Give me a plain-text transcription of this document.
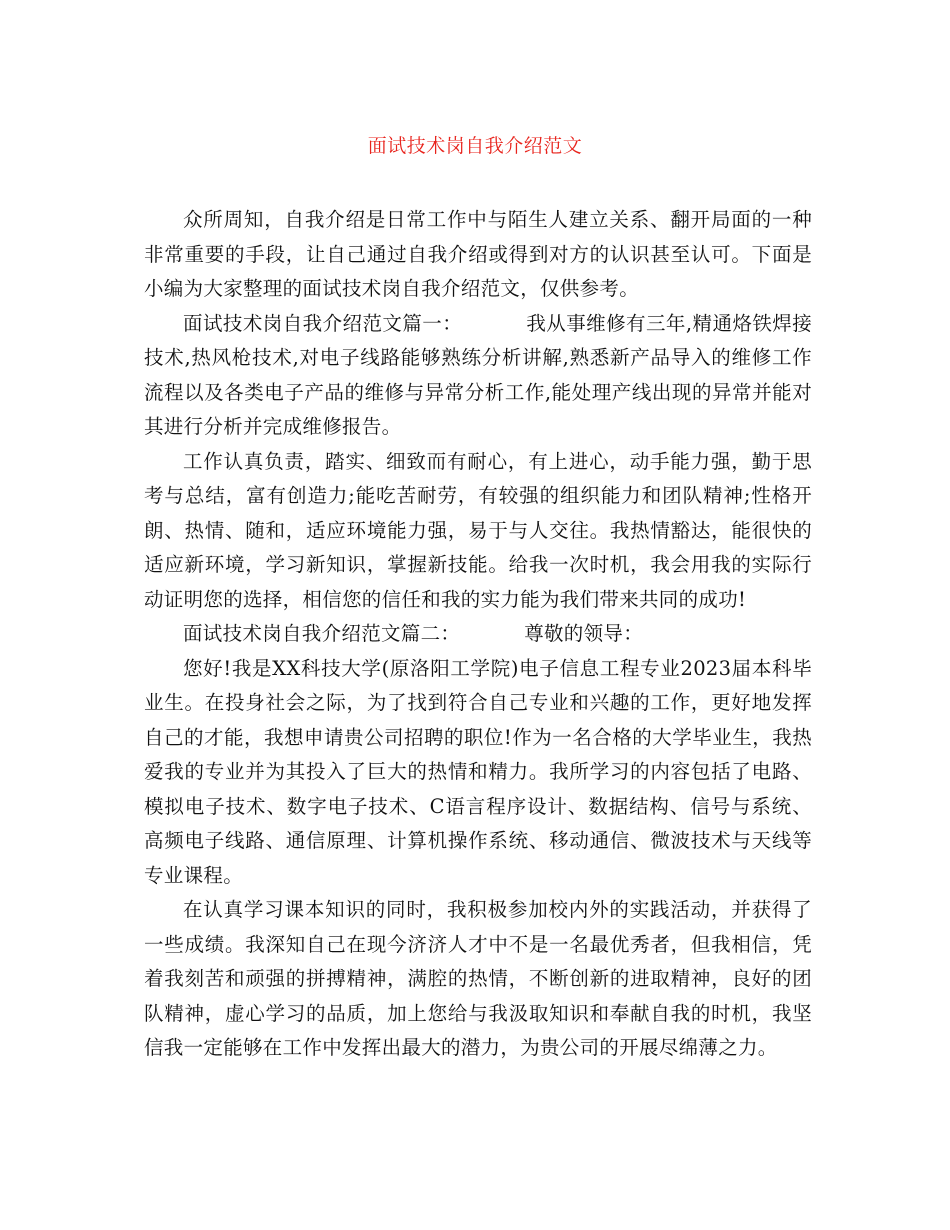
面试技术岗自我介绍范文

众所周知，自我介绍是日常工作中与陌生人建立关系、翻开局面的一种非常重要的手段，让自己通过自我介绍或得到对方的认识甚至认可。下面是小编为大家整理的面试技术岗自我介绍范文，仅供参考。

面试技术岗自我介绍范文篇一：	我从事维修有三年,精通烙铁焊接技术,热风枪技术,对电子线路能够熟练分析讲解,熟悉新产品导入的维修工作流程以及各类电子产品的维修与异常分析工作,能处理产线出现的异常并能对其进行分析并完成维修报告。

工作认真负责，踏实、细致而有耐心，有上进心，动手能力强，勤于思考与总结，富有创造力;能吃苦耐劳，有较强的组织能力和团队精神;性格开朗、热情、随和，适应环境能力强，易于与人交往。我热情豁达，能很快的适应新环境，学习新知识，掌握新技能。给我一次时机，我会用我的实际行动证明您的选择，相信您的信任和我的实力能为我们带来共同的成功!

面试技术岗自我介绍范文篇二：	尊敬的领导：

您好!我是XX科技大学(原洛阳工学院)电子信息工程专业2023届本科毕业生。在投身社会之际，为了找到符合自己专业和兴趣的工作，更好地发挥自己的才能，我想申请贵公司招聘的职位!作为一名合格的大学毕业生，我热爱我的专业并为其投入了巨大的热情和精力。我所学习的内容包括了电路、模拟电子技术、数字电子技术、C语言程序设计、数据结构、信号与系统、高频电子线路、通信原理、计算机操作系统、移动通信、微波技术与天线等专业课程。

在认真学习课本知识的同时，我积极参加校内外的实践活动，并获得了一些成绩。我深知自己在现今济济人才中不是一名最优秀者，但我相信，凭着我刻苦和顽强的拼搏精神，满腔的热情，不断创新的进取精神，良好的团队精神，虚心学习的品质，加上您给与我汲取知识和奉献自我的时机，我坚信我一定能够在工作中发挥出最大的潜力，为贵公司的开展尽绵薄之力。
